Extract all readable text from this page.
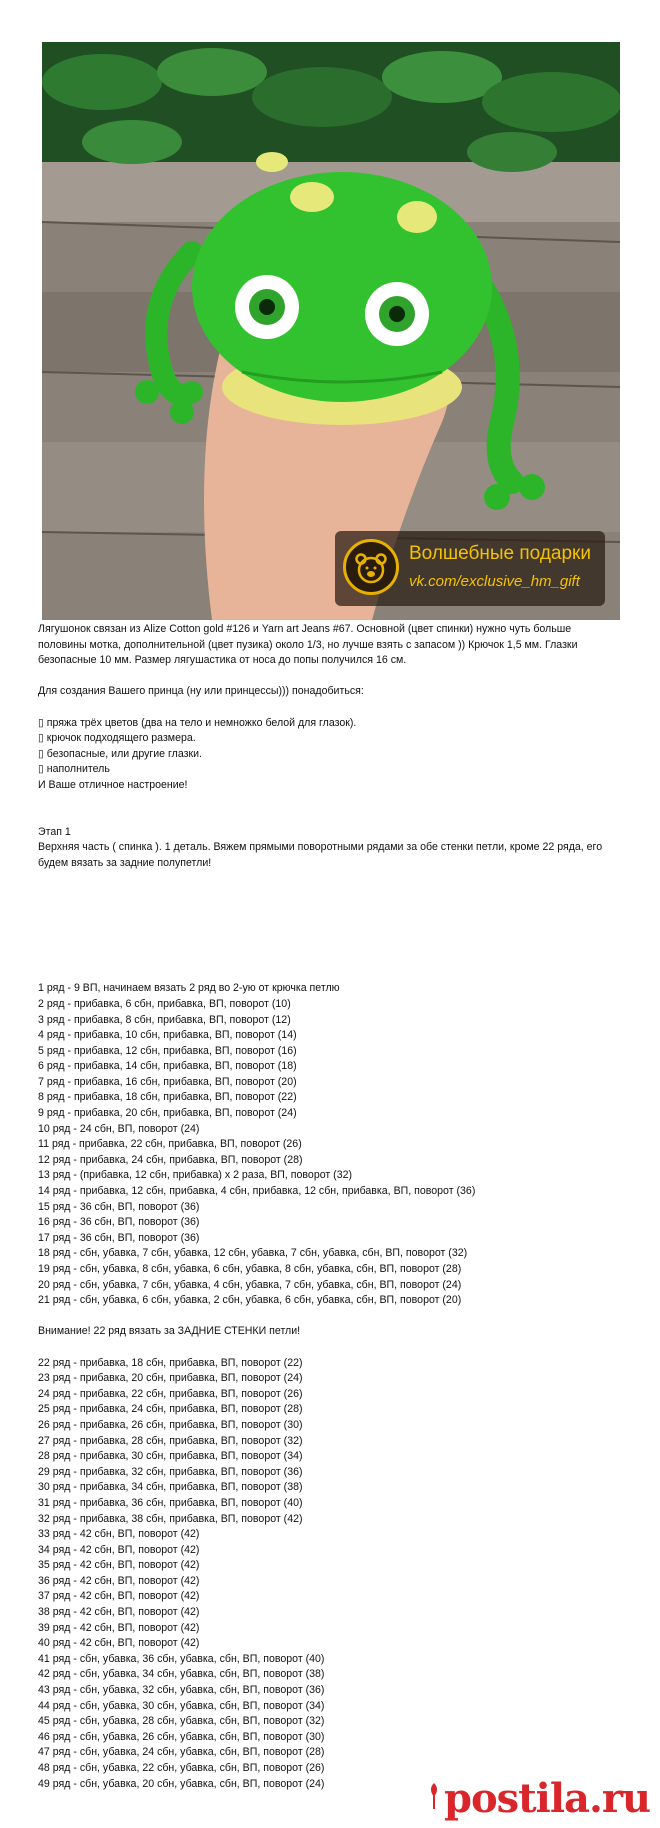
Волшебные подарки
vk.com/exclusive_hm_gift

Лягушонок связан из Alize Cotton gold #126 и Yarn art Jeans #67. Основной (цвет спинки) нужно чуть больше половины мотка, дополнительной (цвет пузика) около 1/3, но лучше взять с запасом )) Крючок 1,5 мм. Глазки безопасные 10 мм. Размер лягушастика от носа до попы получился 16 см.

Для создания Вашего принца (ну или принцессы))) понадобиться:

▯ пряжа трёх цветов (два на тело и немножко белой для глазок).

▯ крючок подходящего размера.

▯ безопасные, или другие глазки.

▯ наполнитель

И Ваше отличное настроение!

Этап 1

Верхняя часть ( спинка ). 1 деталь. Вяжем прямыми поворотными рядами за обе стенки петли, кроме 22 ряда, его будем вязать за задние полупетли!

1 ряд - 9 ВП, начинаем вязать 2 ряд во 2-ую от крючка петлю
2 ряд - прибавка, 6 сбн, прибавка, ВП, поворот (10)
3 ряд - прибавка, 8 сбн, прибавка, ВП, поворот (12)
4 ряд - прибавка, 10 сбн, прибавка, ВП, поворот (14)
5 ряд - прибавка, 12 сбн, прибавка, ВП, поворот (16)
6 ряд - прибавка, 14 сбн, прибавка, ВП, поворот (18)
7 ряд - прибавка, 16 сбн, прибавка, ВП, поворот (20)
8 ряд - прибавка, 18 сбн, прибавка, ВП, поворот (22)
9 ряд - прибавка, 20 сбн, прибавка, ВП, поворот (24)
10 ряд - 24 сбн, ВП, поворот (24)
11 ряд - прибавка, 22 сбн, прибавка, ВП, поворот (26)
12 ряд - прибавка, 24 сбн, прибавка, ВП, поворот (28)
13 ряд - (прибавка, 12 сбн, прибавка) х 2 раза, ВП, поворот (32)
14 ряд - прибавка, 12 сбн, прибавка, 4 сбн, прибавка, 12 сбн, прибавка, ВП, поворот (36)
15 ряд - 36 сбн, ВП, поворот (36)
16 ряд - 36 сбн, ВП, поворот (36)
17 ряд - 36 сбн, ВП, поворот (36)
18 ряд - сбн, убавка, 7 сбн, убавка, 12 сбн, убавка, 7 сбн, убавка, сбн, ВП, поворот (32)
19 ряд - сбн, убавка, 8 сбн, убавка, 6 сбн, убавка, 8 сбн, убавка, сбн, ВП, поворот (28)
20 ряд - сбн, убавка, 7 сбн, убавка, 4 сбн, убавка, 7 сбн, убавка, сбн, ВП, поворот (24)
21 ряд - сбн, убавка, 6 сбн, убавка, 2 сбн, убавка, 6 сбн, убавка, сбн, ВП, поворот (20)

Внимание! 22 ряд вязать за ЗАДНИЕ СТЕНКИ петли!

22 ряд - прибавка, 18 сбн, прибавка, ВП, поворот (22)
23 ряд - прибавка, 20 сбн, прибавка, ВП, поворот (24)
24 ряд - прибавка, 22 сбн, прибавка, ВП, поворот (26)
25 ряд - прибавка, 24 сбн, прибавка, ВП, поворот (28)
26 ряд - прибавка, 26 сбн, прибавка, ВП, поворот (30)
27 ряд - прибавка, 28 сбн, прибавка, ВП, поворот (32)
28 ряд - прибавка, 30 сбн, прибавка, ВП, поворот (34)
29 ряд - прибавка, 32 сбн, прибавка, ВП, поворот (36)
30 ряд - прибавка, 34 сбн, прибавка, ВП, поворот (38)
31 ряд - прибавка, 36 сбн, прибавка, ВП, поворот (40)
32 ряд - прибавка, 38 сбн, прибавка, ВП, поворот (42)
33 ряд - 42 сбн, ВП, поворот (42)
34 ряд - 42 сбн, ВП, поворот (42)
35 ряд - 42 сбн, ВП, поворот (42)
36 ряд - 42 сбн, ВП, поворот (42)
37 ряд - 42 сбн, ВП, поворот (42)
38 ряд - 42 сбн, ВП, поворот (42)
39 ряд - 42 сбн, ВП, поворот (42)
40 ряд - 42 сбн, ВП, поворот (42)
41 ряд - сбн, убавка, 36 сбн, убавка, сбн, ВП, поворот (40)
42 ряд - сбн, убавка, 34 сбн, убавка, сбн, ВП, поворот (38)
43 ряд - сбн, убавка, 32 сбн, убавка, сбн, ВП, поворот (36)
44 ряд - сбн, убавка, 30 сбн, убавка, сбн, ВП, поворот (34)
45 ряд - сбн, убавка, 28 сбн, убавка, сбн, ВП, поворот (32)
46 ряд - сбн, убавка, 26 сбн, убавка, сбн, ВП, поворот (30)
47 ряд - сбн, убавка, 24 сбн, убавка, сбн, ВП, поворот (28)
48 ряд - сбн, убавка, 22 сбн, убавка, сбн, ВП, поворот (26)
49 ряд - сбн, убавка, 20 сбн, убавка, сбн, ВП, поворот (24)	postila.ru
